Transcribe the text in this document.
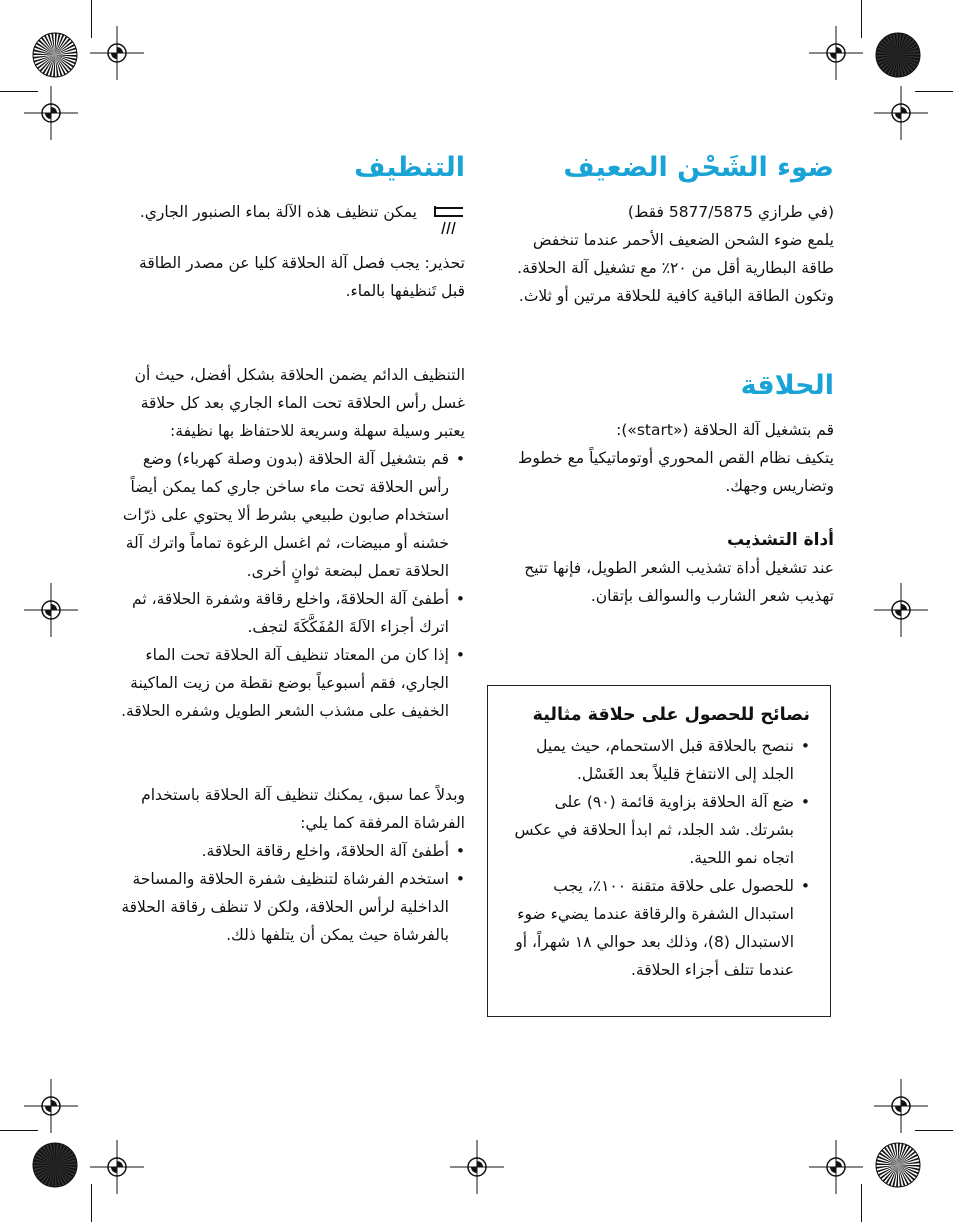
ضوء الشَحْن الضعيف

(في طرازي 5877/5875 فقط)

يلمع ضوء الشحن الضعيف الأحمر عندما تنخفض طاقة البطارية أقل من ٢٠٪ مع تشغيل آلة الحلاقة. وتكون الطاقة الباقية كافية للحلاقة مرتين أو ثلاث.

الحلاقة

قم بتشغيل آلة الحلاقة («start»):

يتكيف نظام القص المحوري أوتوماتيكياً مع خطوط وتضاريس وجهك.

أداة التشذيب

عند تشغيل أداة تشذيب الشعر الطويل، فإنها تتيح تهذيب شعر الشارب والسوالف بإتقان.

نصائح للحصول على حلاقة مثالية
• ننصح بالحلاقة قبل الاستحمام، حيث يميل الجلد إلى الانتفاخ قليلاً بعد الغَسْل.
• ضع آلة الحلاقة بزاوية قائمة (٩٠) على بشرتك. شد الجلد، ثم ابدأ الحلاقة في عكس اتجاه نمو اللحية.
• للحصول على حلاقة متقنة ١٠٠٪، يجب استبدال الشفرة والرقاقة عندما يضيء ضوء الاستبدال (8)، وذلك بعد حوالي ١٨ شهراً، أو عندما تتلف أجزاء الحلاقة.
التنظيف

يمكن تنظيف هذه الآلة بماء الصنبور الجاري.

تحذير: يجب فصل آلة الحلاقة كليا عن مصدر الطاقة قبل تَنظيفها بالماء.

التنظيف الدائم يضمن الحلاقة بشكل أفضل، حيث أن غسل رأس الحلاقة تحت الماء الجاري بعد كل حلاقة يعتبر وسيلة سهلة وسريعة للاحتفاظ بها نظيفة:

• قم بتشغيل آلة الحلاقة (بدون وصلة كهرباء) وضع رأس الحلاقة تحت ماء ساخن جاري كما يمكن أيضاً استخدام صابون طبيعي بشرط ألا يحتوي على ذرّات خشنه أو مبيضات، ثم اغسل الرغوة تماماً واترك آلة الحلاقة تعمل لبضعة ثوانٍ أخرى.
• أطفئ آلة الحلاقةَ، واخلع رقاقة وشفرة الحلاقة، ثم اترك أجزاء الآلةَ المُفَكَّكَةَ لتجف.
• إذا كان من المعتاد تنظيف آلة الحلاقة تحت الماء الجاري، فقم أسبوعياً بوضع نقطة من زيت الماكينة الخفيف على مشذب الشعر الطويل وشفره الحلاقة.

وبدلاً عما سبق، يمكنك تنظيف آلة الحلاقة باستخدام الفرشاة المرفقة كما يلي:

• أطفئ آلة الحلاقةَ، واخلع رقاقة الحلاقة.
• استخدم الفرشاة لتنظيف شفرة الحلاقة والمساحة الداخلية لرأس الحلاقة، ولكن لا تنظف رقاقة الحلاقة بالفرشاة حيث يمكن أن يتلفها ذلك.
